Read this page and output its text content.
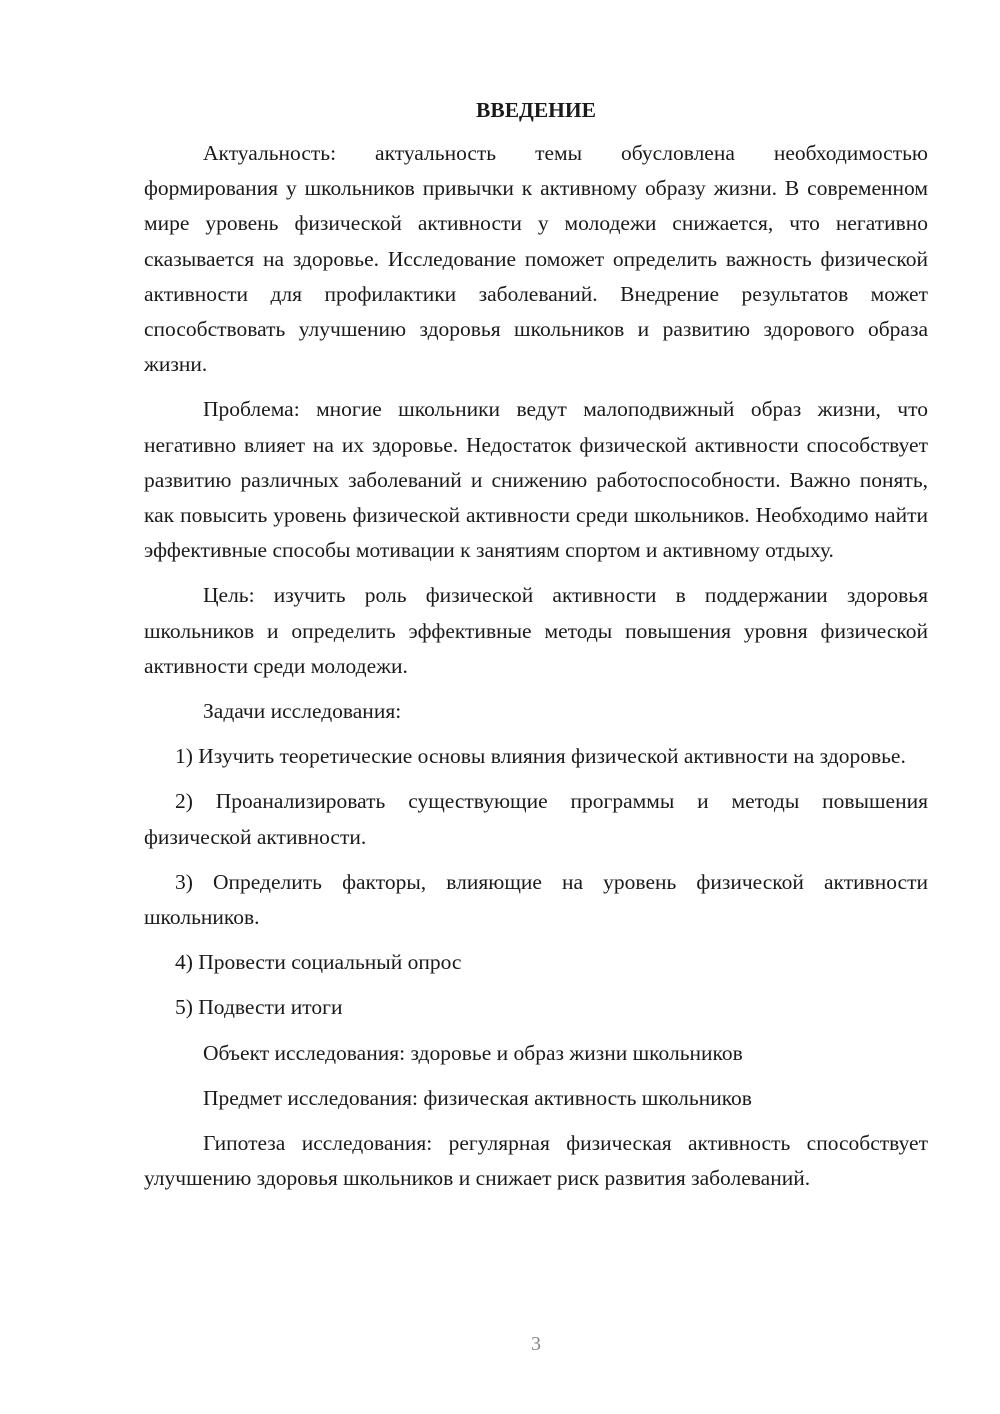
ВВЕДЕНИЕ

Актуальность: актуальность темы обусловлена необходимостью формирования у школьников привычки к активному образу жизни. В современном мире уровень физической активности у молодежи снижается, что негативно сказывается на здоровье. Исследование поможет определить важность физической активности для профилактики заболеваний. Внедрение результатов может способствовать улучшению здоровья школьников и развитию здорового образа жизни.

Проблема: многие школьники ведут малоподвижный образ жизни, что негативно влияет на их здоровье. Недостаток физической активности способствует развитию различных заболеваний и снижению работоспособности. Важно понять, как повысить уровень физической активности среди школьников. Необходимо найти эффективные способы мотивации к занятиям спортом и активному отдыху.

Цель: изучить роль физической активности в поддержании здоровья школьников и определить эффективные методы повышения уровня физической активности среди молодежи.

Задачи исследования:

1) Изучить теоретические основы влияния физической активности на здоровье.

2) Проанализировать существующие программы и методы повышения физической активности.

3) Определить факторы, влияющие на уровень физической активности школьников.

4) Провести социальный опрос

5) Подвести итоги

Объект исследования: здоровье и образ жизни школьников

Предмет исследования: физическая активность школьников

Гипотеза исследования: регулярная физическая активность способствует улучшению здоровья школьников и снижает риск развития заболеваний.

3
